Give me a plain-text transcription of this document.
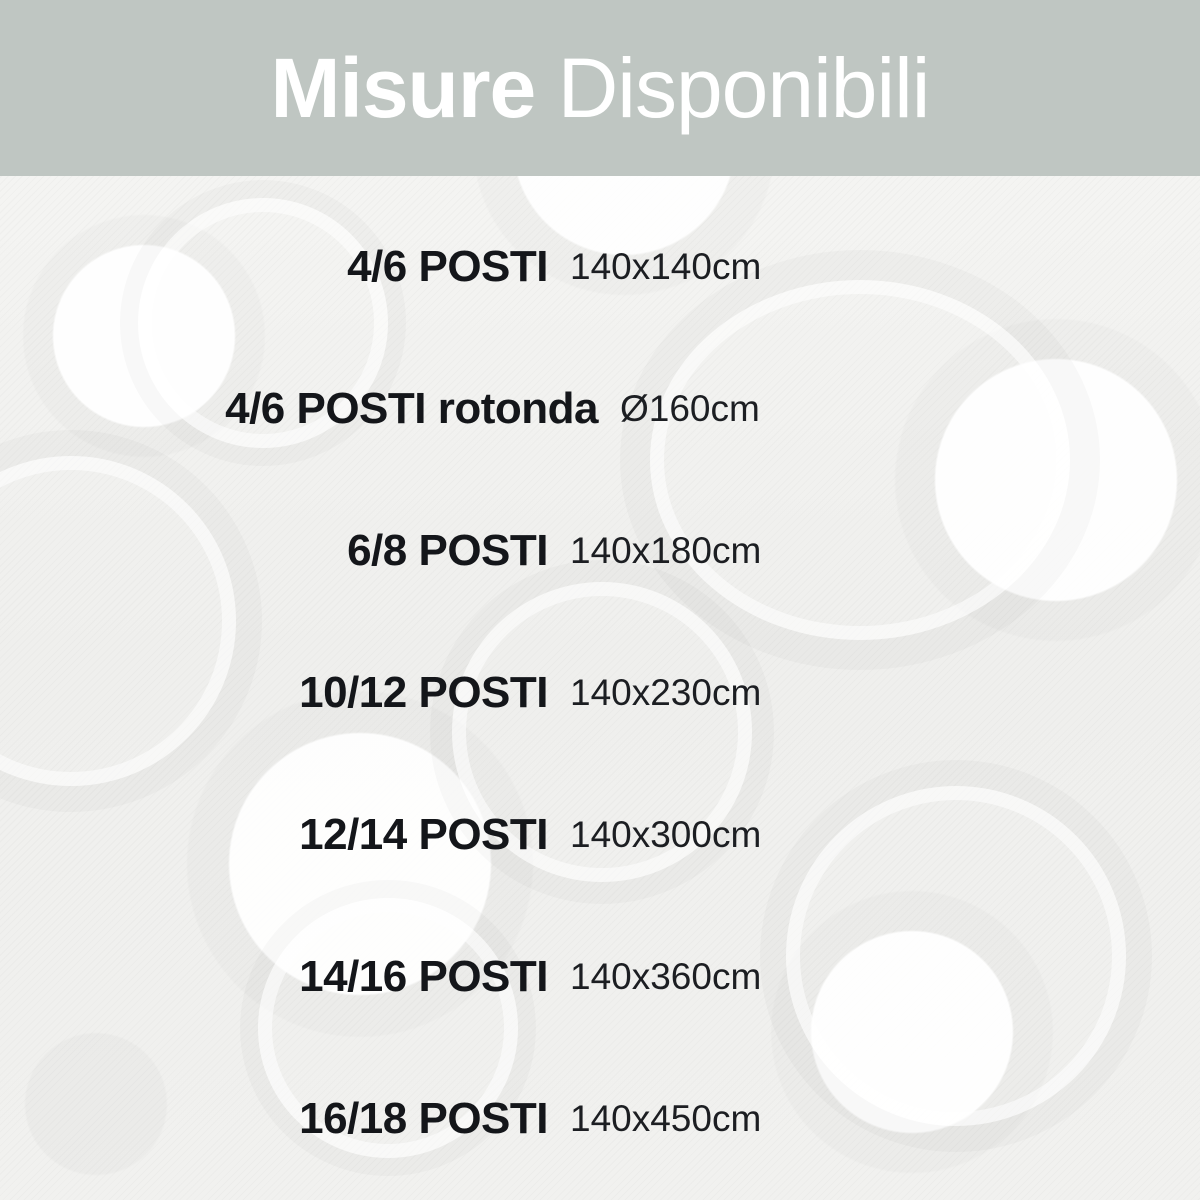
Misure Disponibili
4/6 POSTI 140x140cm
4/6 POSTI rotonda Ø160cm
6/8 POSTI 140x180cm
10/12 POSTI 140x230cm
12/14 POSTI 140x300cm
14/16 POSTI 140x360cm
16/18 POSTI 140x450cm
